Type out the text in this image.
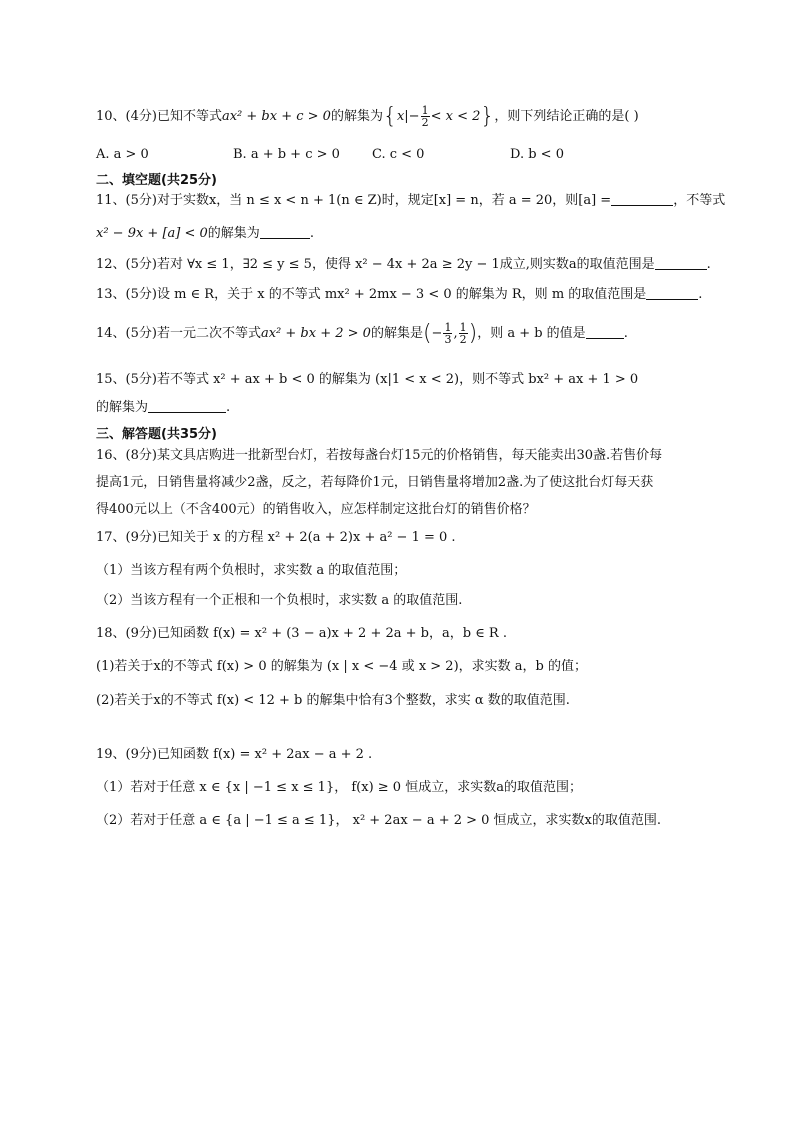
10、(4分)已知不等式ax² + bx + c > 0的解集为$\{x|- \frac{1}{2} < x < 2\}$，则下列结论正确的是( )
A. a > 0	B. a + b + c > 0 C. c < 0	D. b < 0
二、填空题(共25分)
11、(5分)对于实数x，当 n ≤ x < n + 1(n ∈ Z)时，规定[x] = n，若 a = 20，则[a] =	，不等式
x² − 9x + [a] < 0的解集为	.
12、(5分)若对 ∀x ≤ 1，∃2 ≤ y ≤ 5，使得 x² − 4x + 2a ≥ 2y − 1成立,则实数a的取值范围是	.
13、(5分)设 m ∈ R，关于 x 的不等式 mx² + 2mx − 3 < 0 的解集为 R，则 m 的取值范围是	.
14、(5分)若一元二次不等式ax² + bx + 2 > 0的解集是(− $\frac{1}{3}$ , $\frac{1}{2}$ )，则 a + b 的值是	.
15、(5分)若不等式 x² + ax + b < 0 的解集为 (x|1 < x < 2)，则不等式 bx² + ax + 1 > 0
的解集为	.
三、解答题(共35分)
16、(8分)某文具店购进一批新型台灯，若按每盏台灯15元的价格销售，每天能卖出30盏.若售价每
提高1元，日销售量将减少2盏，反之，若每降价1元，日销售量将增加2盏.为了使这批台灯每天获
得400元以上（不含400元）的销售收入，应怎样制定这批台灯的销售价格？
17、(9分)已知关于 x 的方程 x² + 2(a + 2)x + a² − 1 = 0 .
（1）当该方程有两个负根时，求实数 a 的取值范围；
（2）当该方程有一个正根和一个负根时，求实数 a 的取值范围.
18、(9分)已知函数 f(x) = x² + (3 − a)x + 2 + 2a + b，a，b ∈ R .
(1)若关于x的不等式 f(x) > 0 的解集为 (x | x < −4 或 x > 2)，求实数 a，b 的值；
(2)若关于x的不等式 f(x) < 12 + b 的解集中恰有3个整数，求实 α 数的取值范围.
19、(9分)已知函数 f(x) = x² + 2ax − a + 2 .
（1）若对于任意 x ∈ {x | −1 ≤ x ≤ 1}， f(x) ≥ 0 恒成立，求实数a的取值范围；
（2）若对于任意 a ∈ {a | −1 ≤ a ≤ 1}， x² + 2ax − a + 2 > 0 恒成立，求实数x的取值范围.
